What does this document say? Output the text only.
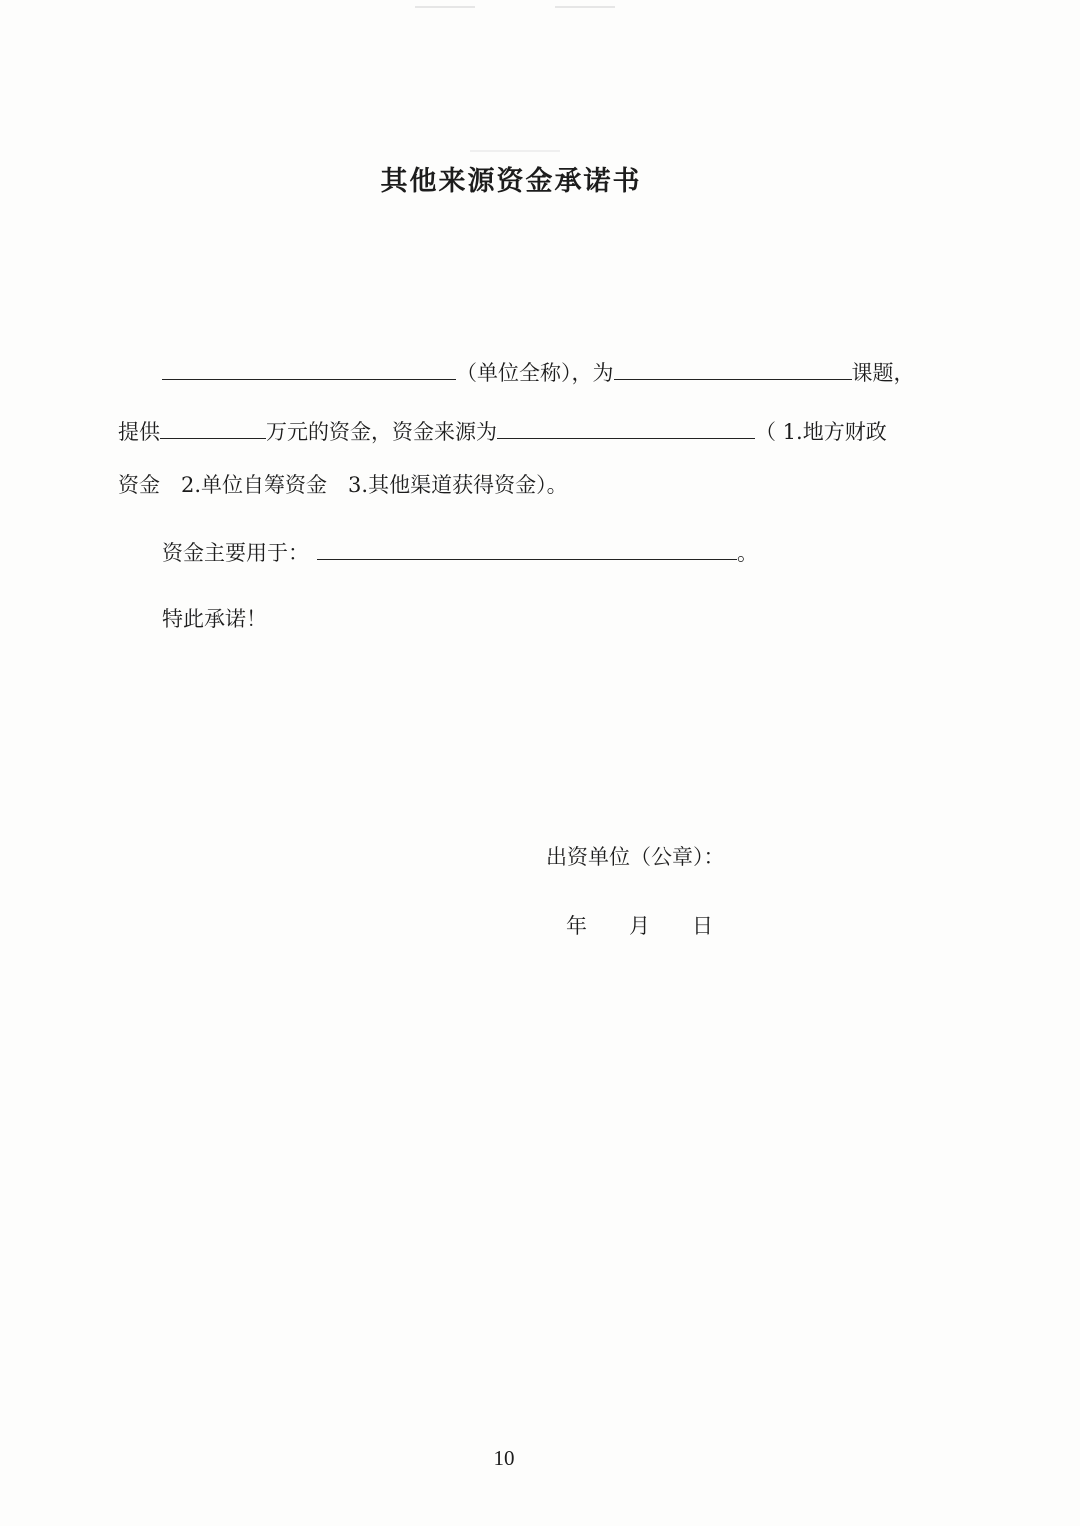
其他来源资金承诺书
（单位全称），为	课题，
提供	万元的资金，资金来源为	（ 1.地方财政
资金　2.单位自筹资金　3.其他渠道获得资金）。
资金主要用于：	。
特此承诺！
出资单位（公章）：
年　　月　　日
10
